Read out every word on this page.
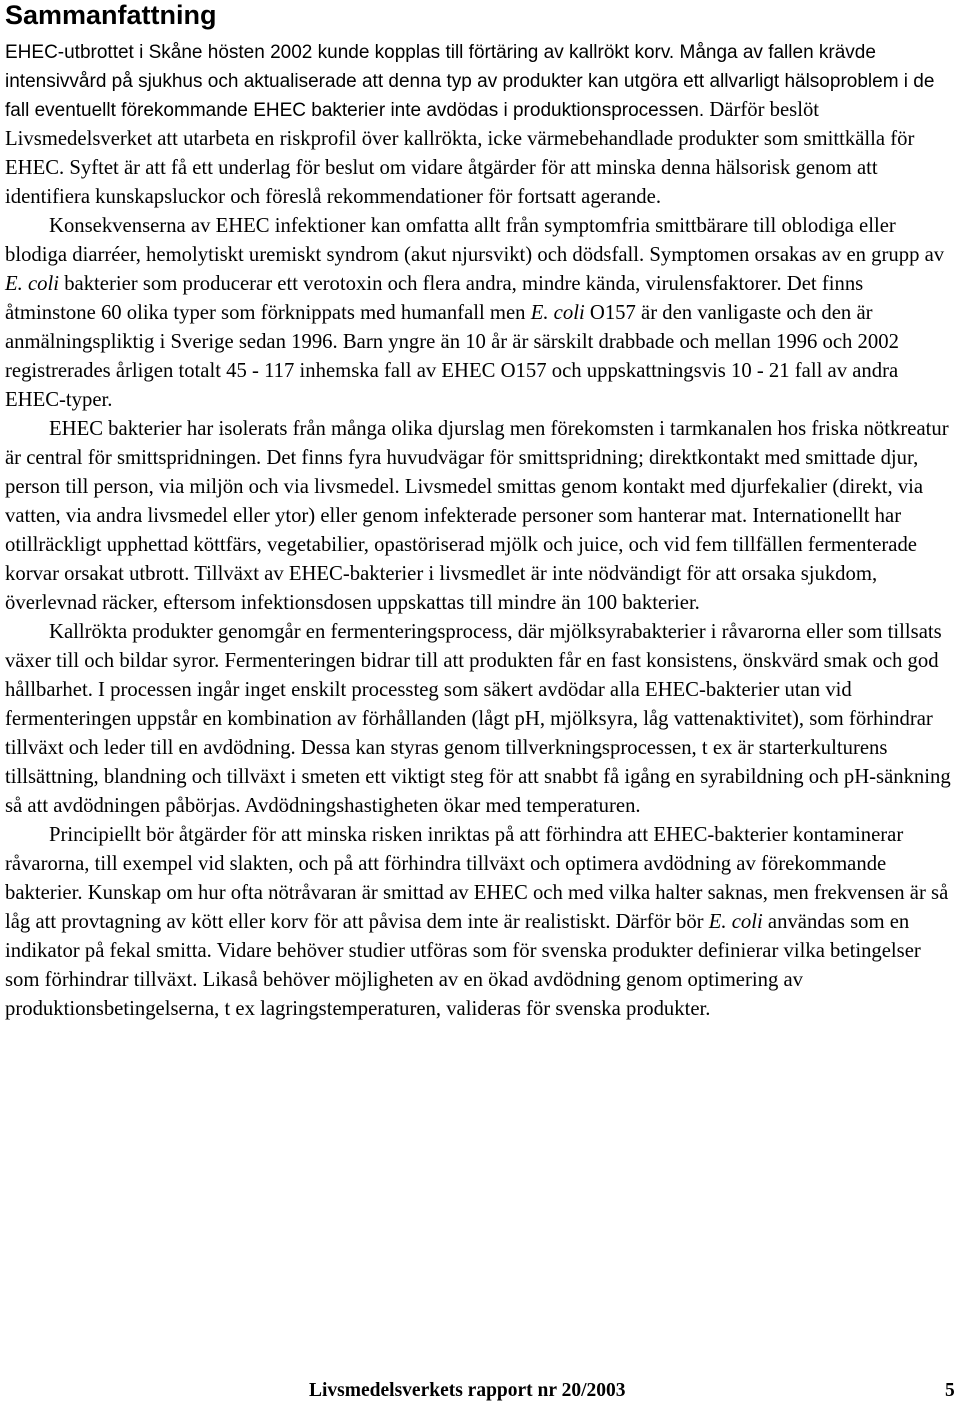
Sammanfattning

EHEC-utbrottet i Skåne hösten 2002 kunde kopplas till förtäring av kallrökt korv. Många av fallen krävde intensivvård på sjukhus och aktualiserade att denna typ av produkter kan utgöra ett allvarligt hälsoproblem i de fall eventuellt förekommande EHEC bakterier inte avdödas i produktionsprocessen. Därför beslöt Livsmedelsverket att utarbeta en riskprofil över kallrökta, icke värmebehandlade produkter som smittkälla för EHEC. Syftet är att få ett underlag för beslut om vidare åtgärder för att minska denna hälsorisk genom att identifiera kunskapsluckor och föreslå rekommendationer för fortsatt agerande.

Konsekvenserna av EHEC infektioner kan omfatta allt från symptomfria smittbärare till oblodiga eller blodiga diarréer, hemolytiskt uremiskt syndrom (akut njursvikt) och dödsfall. Symptomen orsakas av en grupp av E. coli bakterier som producerar ett verotoxin och flera andra, mindre kända, virulensfaktorer. Det finns åtminstone 60 olika typer som förknippats med humanfall men E. coli O157 är den vanligaste och den är anmälningspliktig i Sverige sedan 1996. Barn yngre än 10 år är särskilt drabbade och mellan 1996 och 2002 registrerades årligen totalt 45 - 117 inhemska fall av EHEC O157 och uppskattningsvis 10 - 21 fall av andra EHEC-typer.

EHEC bakterier har isolerats från många olika djurslag men förekomsten i tarmkanalen hos friska nötkreatur är central för smittspridningen. Det finns fyra huvudvägar för smittspridning; direktkontakt med smittade djur, person till person, via miljön och via livsmedel. Livsmedel smittas genom kontakt med djurfekalier (direkt, via vatten, via andra livsmedel eller ytor) eller genom infekterade personer som hanterar mat. Internationellt har otillräckligt upphettad köttfärs, vegetabilier, opastöriserad mjölk och juice, och vid fem tillfällen fermenterade korvar orsakat utbrott. Tillväxt av EHEC-bakterier i livsmedlet är inte nödvändigt för att orsaka sjukdom, överlevnad räcker, eftersom infektionsdosen uppskattas till mindre än 100 bakterier.

Kallrökta produkter genomgår en fermenteringsprocess, där mjölksyrabakterier i råvarorna eller som tillsats växer till och bildar syror. Fermenteringen bidrar till att produkten får en fast konsistens, önskvärd smak och god hållbarhet. I processen ingår inget enskilt processteg som säkert avdödar alla EHEC-bakterier utan vid fermenteringen uppstår en kombination av förhållanden (lågt pH, mjölksyra, låg vattenaktivitet), som förhindrar tillväxt och leder till en avdödning. Dessa kan styras genom tillverkningsprocessen, t ex är starterkulturens tillsättning, blandning och tillväxt i smeten ett viktigt steg för att snabbt få igång en syrabildning och pH-sänkning så att avdödningen påbörjas. Avdödningshastigheten ökar med temperaturen.

Principiellt bör åtgärder för att minska risken inriktas på att förhindra att EHEC-bakterier kontaminerar råvarorna, till exempel vid slakten, och på att förhindra tillväxt och optimera avdödning av förekommande bakterier. Kunskap om hur ofta nötråvaran är smittad av EHEC och med vilka halter saknas, men frekvensen är så låg att provtagning av kött eller korv för att påvisa dem inte är realistiskt. Därför bör E. coli användas som en indikator på fekal smitta. Vidare behöver studier utföras som för svenska produkter definierar vilka betingelser som förhindrar tillväxt. Likaså behöver möjligheten av en ökad avdödning genom optimering av produktionsbetingelserna, t ex lagringstemperaturen, valideras för svenska produkter.

Livsmedelsverkets rapport nr 20/2003	5
